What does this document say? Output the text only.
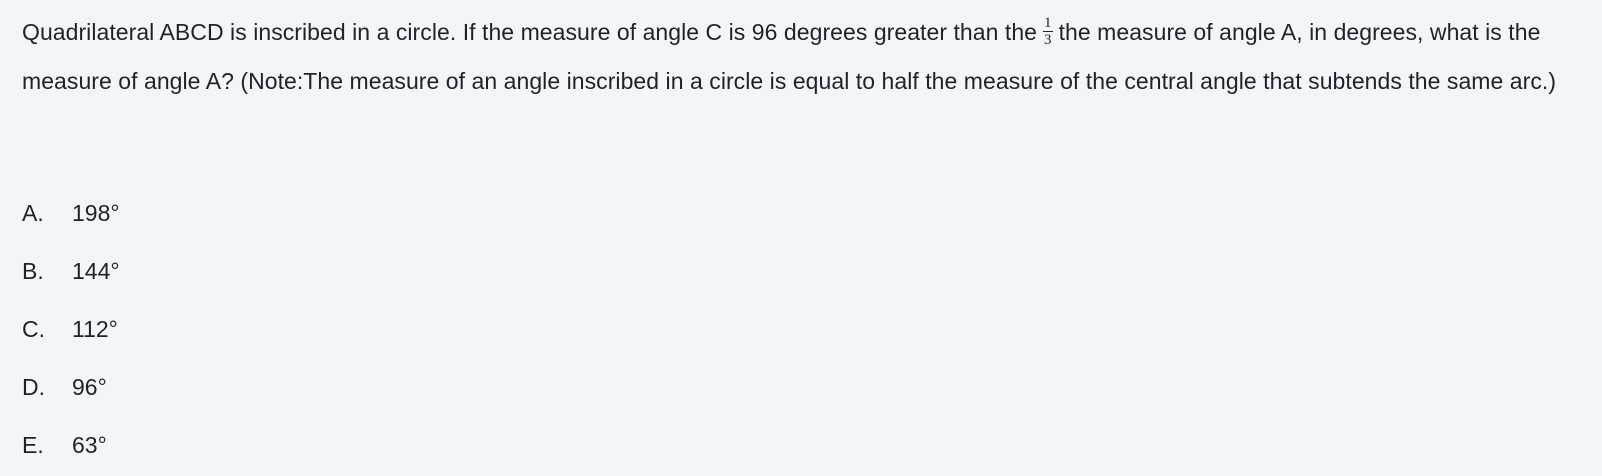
Quadrilateral ABCD is inscribed in a circle. If the measure of angle C is 96 degrees greater than the $\frac{1}{3}$ the measure of angle A, in degrees, what is the measure of angle A? (Note:The measure of an angle inscribed in a circle is equal to half the measure of the central angle that subtends the same arc.)

A.	198°
B.	144°
C.	112°
D.	96°
E.	63°
